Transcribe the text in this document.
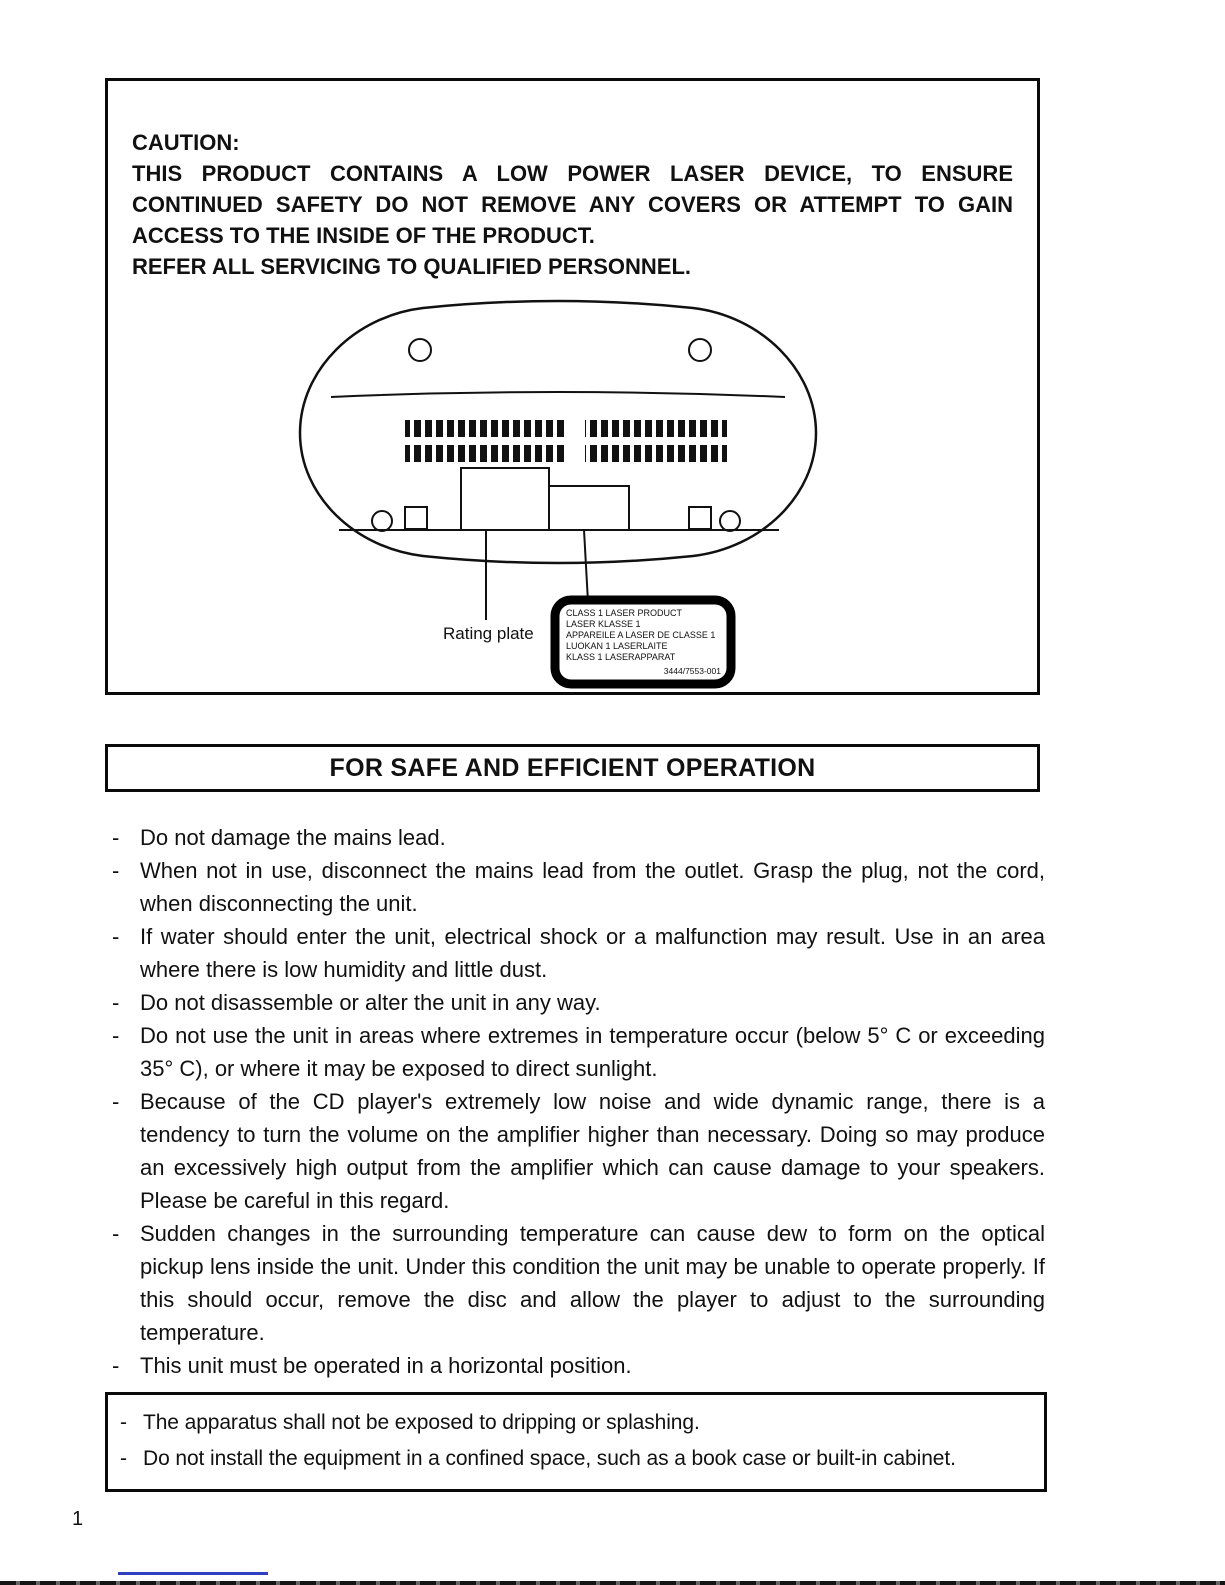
CAUTION:
THIS PRODUCT CONTAINS A LOW POWER LASER DEVICE, TO ENSURE
CONTINUED SAFETY DO NOT REMOVE ANY COVERS OR ATTEMPT TO GAIN
ACCESS TO THE INSIDE OF THE PRODUCT.
REFER ALL SERVICING TO QUALIFIED PERSONNEL.
Rating plate
CLASS 1 LASER PRODUCT
LASER KLASSE 1
APPAREILE A LASER DE CLASSE 1
LUOKAN 1 LASERLAITE
KLASS 1 LASERAPPARAT
3444/7553-001
FOR SAFE AND EFFICIENT OPERATION
- Do not damage the mains lead.
- When not in use, disconnect the mains lead from the outlet. Grasp the plug, not the cord, when disconnecting the unit.
- If water should enter the unit, electrical shock or a malfunction may result. Use in an area where there is low humidity and little dust.
- Do not disassemble or alter the unit in any way.
- Do not use the unit in areas where extremes in temperature occur (below 5° C or exceeding 35° C), or where it may be exposed to direct sunlight.
- Because of the CD player's extremely low noise and wide dynamic range, there is a tendency to turn the volume on the amplifier higher than necessary. Doing so may produce an excessively high output from the amplifier which can cause damage to your speakers. Please be careful in this regard.
- Sudden changes in the surrounding temperature can cause dew to form on the optical pickup lens inside the unit. Under this condition the unit may be unable to operate properly. If this should occur, remove the disc and allow the player to adjust to the surrounding temperature.
- This unit must be operated in a horizontal position.
- The apparatus shall not be exposed to dripping or splashing.
- Do not install the equipment in a confined space, such as a book case or built-in cabinet.
1
